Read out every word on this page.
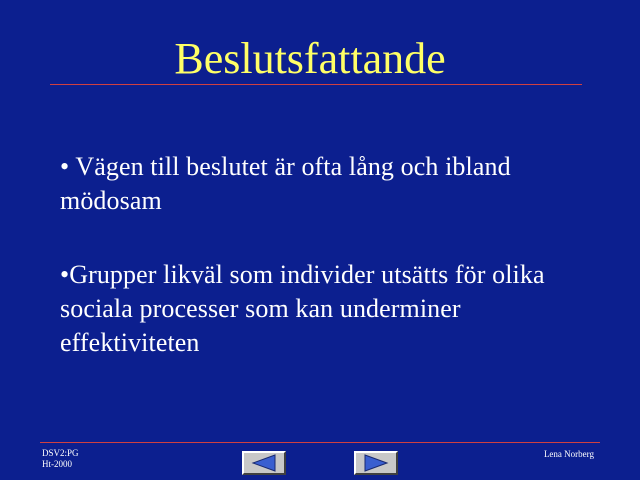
Beslutsfattande
• Vägen till beslutet är ofta lång och ibland mödosam
•Grupper likväl som individer utsätts för olika sociala processer som kan underminer effektiviteten
DSV2:PG
Ht-2000
Lena Norberg
